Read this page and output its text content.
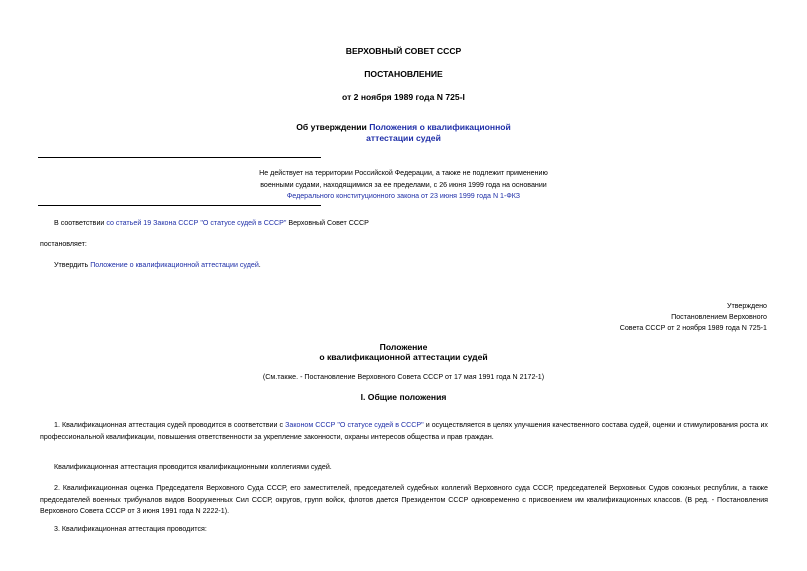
ВЕРХОВНЫЙ СОВЕТ СССР
ПОСТАНОВЛЕНИЕ
от 2 ноября 1989 года N 725-I
Об утверждении Положения о квалификационной
аттестации судей
Не действует на территории Российской Федерации, а также не подлежит применению
военными судами, находящимися за ее пределами, с 26 июня 1999 года на основании
Федерального конституционного закона от 23 июня 1999 года N 1-ФКЗ
В соответствии со статьей 19 Закона СССР "О статусе судей в СССР" Верховный Совет СССР
постановляет:
Утвердить Положение о квалификационной аттестации судей.
Утверждено
Постановлением Верховного
Совета СССР от 2 ноября 1989 года N 725-1
Положение
о квалификационной аттестации судей
(См.также. - Постановление Верховного Совета СССР от 17 мая 1991 года N 2172-1)
I. Общие положения

1. Квалификационная аттестация судей проводится в соответствии с Законом СССР "О статусе судей в СССР" и осуществляется в целях улучшения качественного состава судей, оценки и стимулирования роста их профессиональной квалификации, повышения ответственности за укрепление законности, охраны интересов общества и прав граждан.

Квалификационная аттестация проводится квалификационными коллегиями судей.

2. Квалификационная оценка Председателя Верховного Суда СССР, его заместителей, председателей судебных коллегий Верховного суда СССР, председателей Верховных Судов союзных республик, а также председателей военных трибуналов видов Вооруженных Сил СССР, округов, групп войск, флотов дается Президентом СССР одновременно с присвоением им квалификационных классов. (В ред. - Постановления Верховного Совета СССР от 3 июня 1991 года N 2222-1).

3. Квалификационная аттестация проводится:
